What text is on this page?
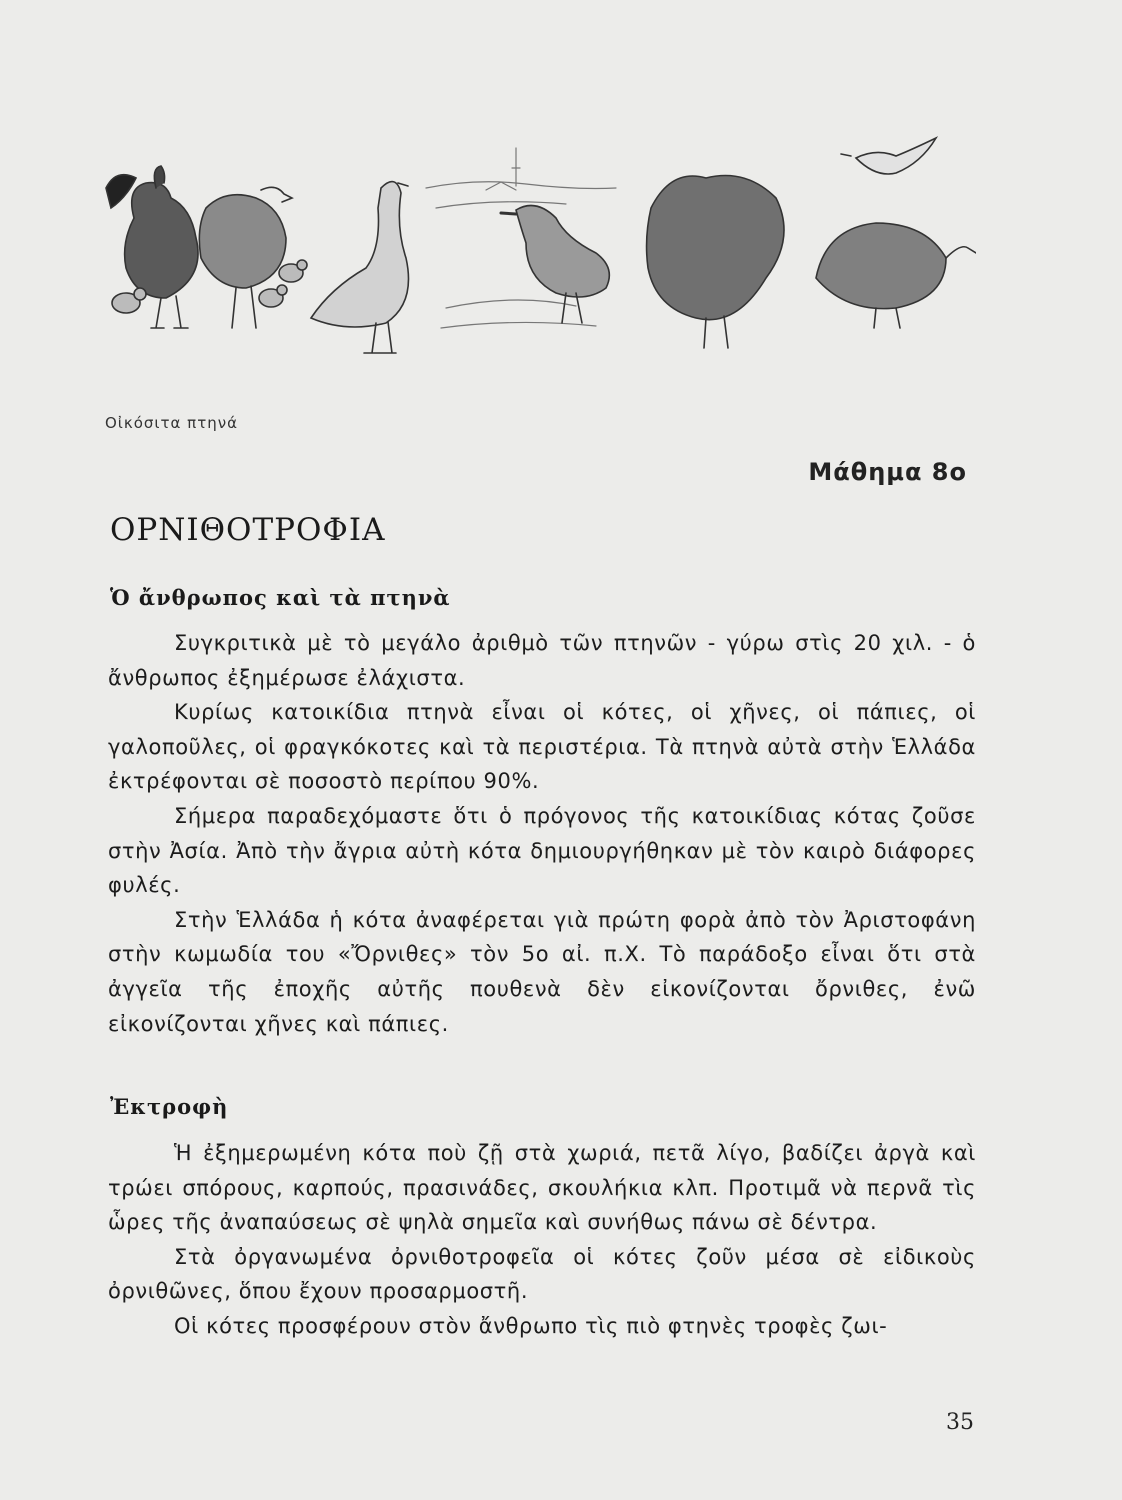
Οἰκόσιτα πτηνά
Μάθημα 8ο
ΟΡΝΙΘΟΤΡΟΦΙΑ
Ὁ ἄνθρωπος καὶ τὰ πτηνὰ

Συγκριτικὰ μὲ τὸ μεγάλο ἀριθμὸ τῶν πτηνῶν - γύρω στὶς 20 χιλ. - ὁ ἄνθρωπος ἐξημέρωσε ἐλάχιστα.

Κυρίως κατοικίδια πτηνὰ εἶναι οἱ κότες, οἱ χῆνες, οἱ πάπιες, οἱ γαλοποῦλες, οἱ φραγκόκοτες καὶ τὰ περιστέρια. Τὰ πτηνὰ αὐτὰ στὴν Ἑλλάδα ἐκτρέφονται σὲ ποσοστὸ περίπου 90%.

Σήμερα παραδεχόμαστε ὅτι ὁ πρόγονος τῆς κατοικίδιας κότας ζοῦσε στὴν Ἀσία. Ἀπὸ τὴν ἄγρια αὐτὴ κότα δημιουργήθηκαν μὲ τὸν καιρὸ διάφορες φυλές.

Στὴν Ἑλλάδα ἡ κότα ἀναφέρεται γιὰ πρώτη φορὰ ἀπὸ τὸν Ἀριστοφάνη στὴν κωμωδία του «Ὄρνιθες» τὸν 5ο αἰ. π.Χ. Τὸ παράδοξο εἶναι ὅτι στὰ ἀγγεῖα τῆς ἐποχῆς αὐτῆς πουθενὰ δὲν εἰκονίζονται ὄρνιθες, ἐνῶ εἰκονίζονται χῆνες καὶ πάπιες.

Ἐκτροφὴ

Ἡ ἐξημερωμένη κότα ποὺ ζῇ στὰ χωριά, πετᾶ λίγο, βαδίζει ἀργὰ καὶ τρώει σπόρους, καρπούς, πρασινάδες, σκουλήκια κλπ. Προτιμᾶ νὰ περνᾶ τὶς ὧρες τῆς ἀναπαύσεως σὲ ψηλὰ σημεῖα καὶ συνήθως πάνω σὲ δέντρα.

Στὰ ὀργανωμένα ὀρνιθοτροφεῖα οἱ κότες ζοῦν μέσα σὲ εἰδικοὺς ὀρνιθῶνες, ὅπου ἔχουν προσαρμοστῆ.

Οἱ κότες προσφέρουν στὸν ἄνθρωπο τὶς πιὸ φτηνὲς τροφὲς ζωι-

35
